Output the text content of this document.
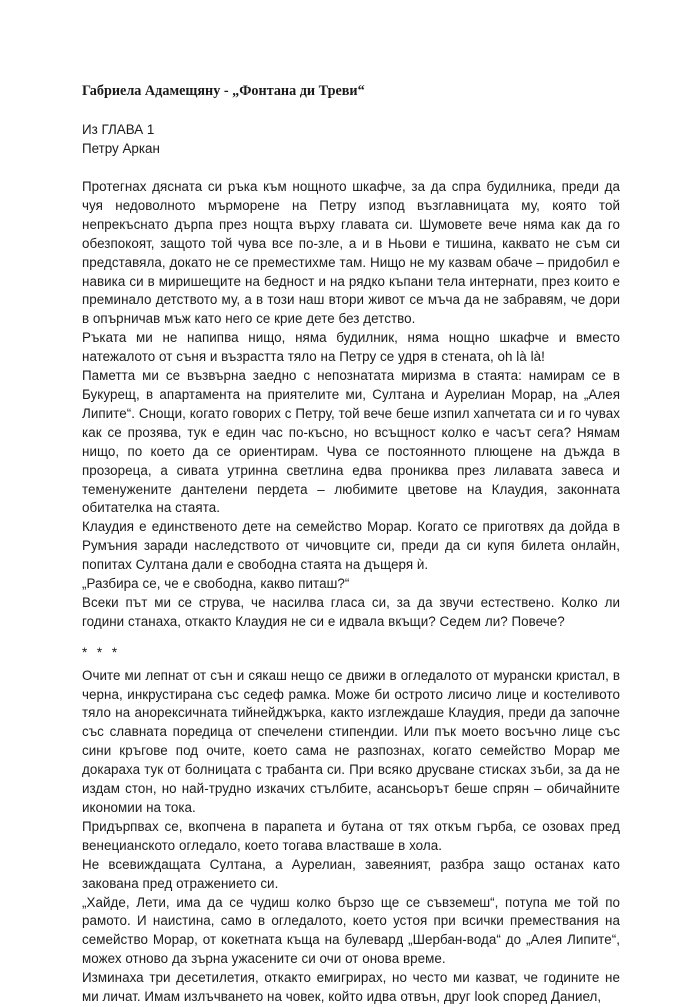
Габриела Адамещяну - „Фонтана ди Треви“
Из ГЛАВА 1
Петру Аркан

Протегнах дясната си ръка към нощното шкафче, за да спра будилника, преди да чуя недоволното мърморене на Петру изпод възглавницата му, която той непрекъснато дърпа през нощта върху главата си. Шумовете вече няма как да го обезпокоят, защото той чува все по-зле, а и в Ньови е тишина, каквато не съм си представяла, докато не се преместихме там. Нищо не му казвам обаче – придобил е навика си в миришещите на бедност и на рядко къпани тела интернати, през които е преминало детството му, а в този наш втори живот се мъча да не забравям, че дори в опърничав мъж като него се крие дете без детство.

Ръката ми не напипва нищо, няма будилник, няма нощно шкафче и вместо натежалото от съня и възрастта тяло на Петру се удря в стената, oh là là!

Паметта ми се възвърна заедно с непознатата миризма в стаята: намирам се в Букурещ, в апартамента на приятелите ми, Султана и Аурелиан Морар, на „Алея Липите“. Снощи, когато говорих с Петру, той вече беше изпил хапчетата си и го чувах как се прозява, тук е един час по-късно, но всъщност колко е часът сега? Нямам нищо, по което да се ориентирам. Чува се постоянното плющене на дъжда в прозореца, а сивата утринна светлина едва прониква през лилавата завеса и теменужените дантелени пердета – любимите цветове на Клаудия, законната обитателка на стаята.

Клаудия е единственото дете на семейство Морар. Когато се приготвях да дойда в Румъния заради наследството от чичовците си, преди да си купя билета онлайн, попитах Султана дали е свободна стаята на дъщеря ѝ.

„Разбира се, че е свободна, какво питаш?“

Всеки път ми се струва, че насилва гласа си, за да звучи естествено. Колко ли години станаха, откакто Клаудия не си е идвала вкъщи? Седем ли? Повече?

* * *

Очите ми лепнат от сън и сякаш нещо се движи в огледалото от мурански кристал, в черна, инкрустирана със седеф рамка. Може би острото лисичо лице и костеливото тяло на анорексичната тийнейджърка, както изглеждаше Клаудия, преди да започне със славната поредица от спечелени стипендии. Или пък моето восъчно лице със сини кръгове под очите, което сама не разпознах, когато семейство Морар ме докараха тук от болницата с трабанта си. При всяко друсване стисках зъби, за да не издам стон, но най-трудно изкачих стълбите, асансьорът беше спрян – обичайните икономии на тока.

Придърпвах се, вкопчена в парапета и бутана от тях откъм гърба, се озовах пред венецианското огледало, което тогава властваше в хола.

Не всевиждащата Султана, а Аурелиан, завеяният, разбра защо останах като закована пред отражението си.

„Хайде, Лети, има да се чудиш колко бързо ще се съвземеш“, потупа ме той по рамото. И наистина, само в огледалото, което устоя при всички премествания на семейство Морар, от кокетната къща на булевард „Шербан-вода“ до „Алея Липите“, можех отново да зърна ужасените си очи от онова време.

Изминаха три десетилетия, откакто емигрирах, но често ми казват, че годините не ми личат. Имам излъчването на човек, който идва отвън, друг look според Даниел,
